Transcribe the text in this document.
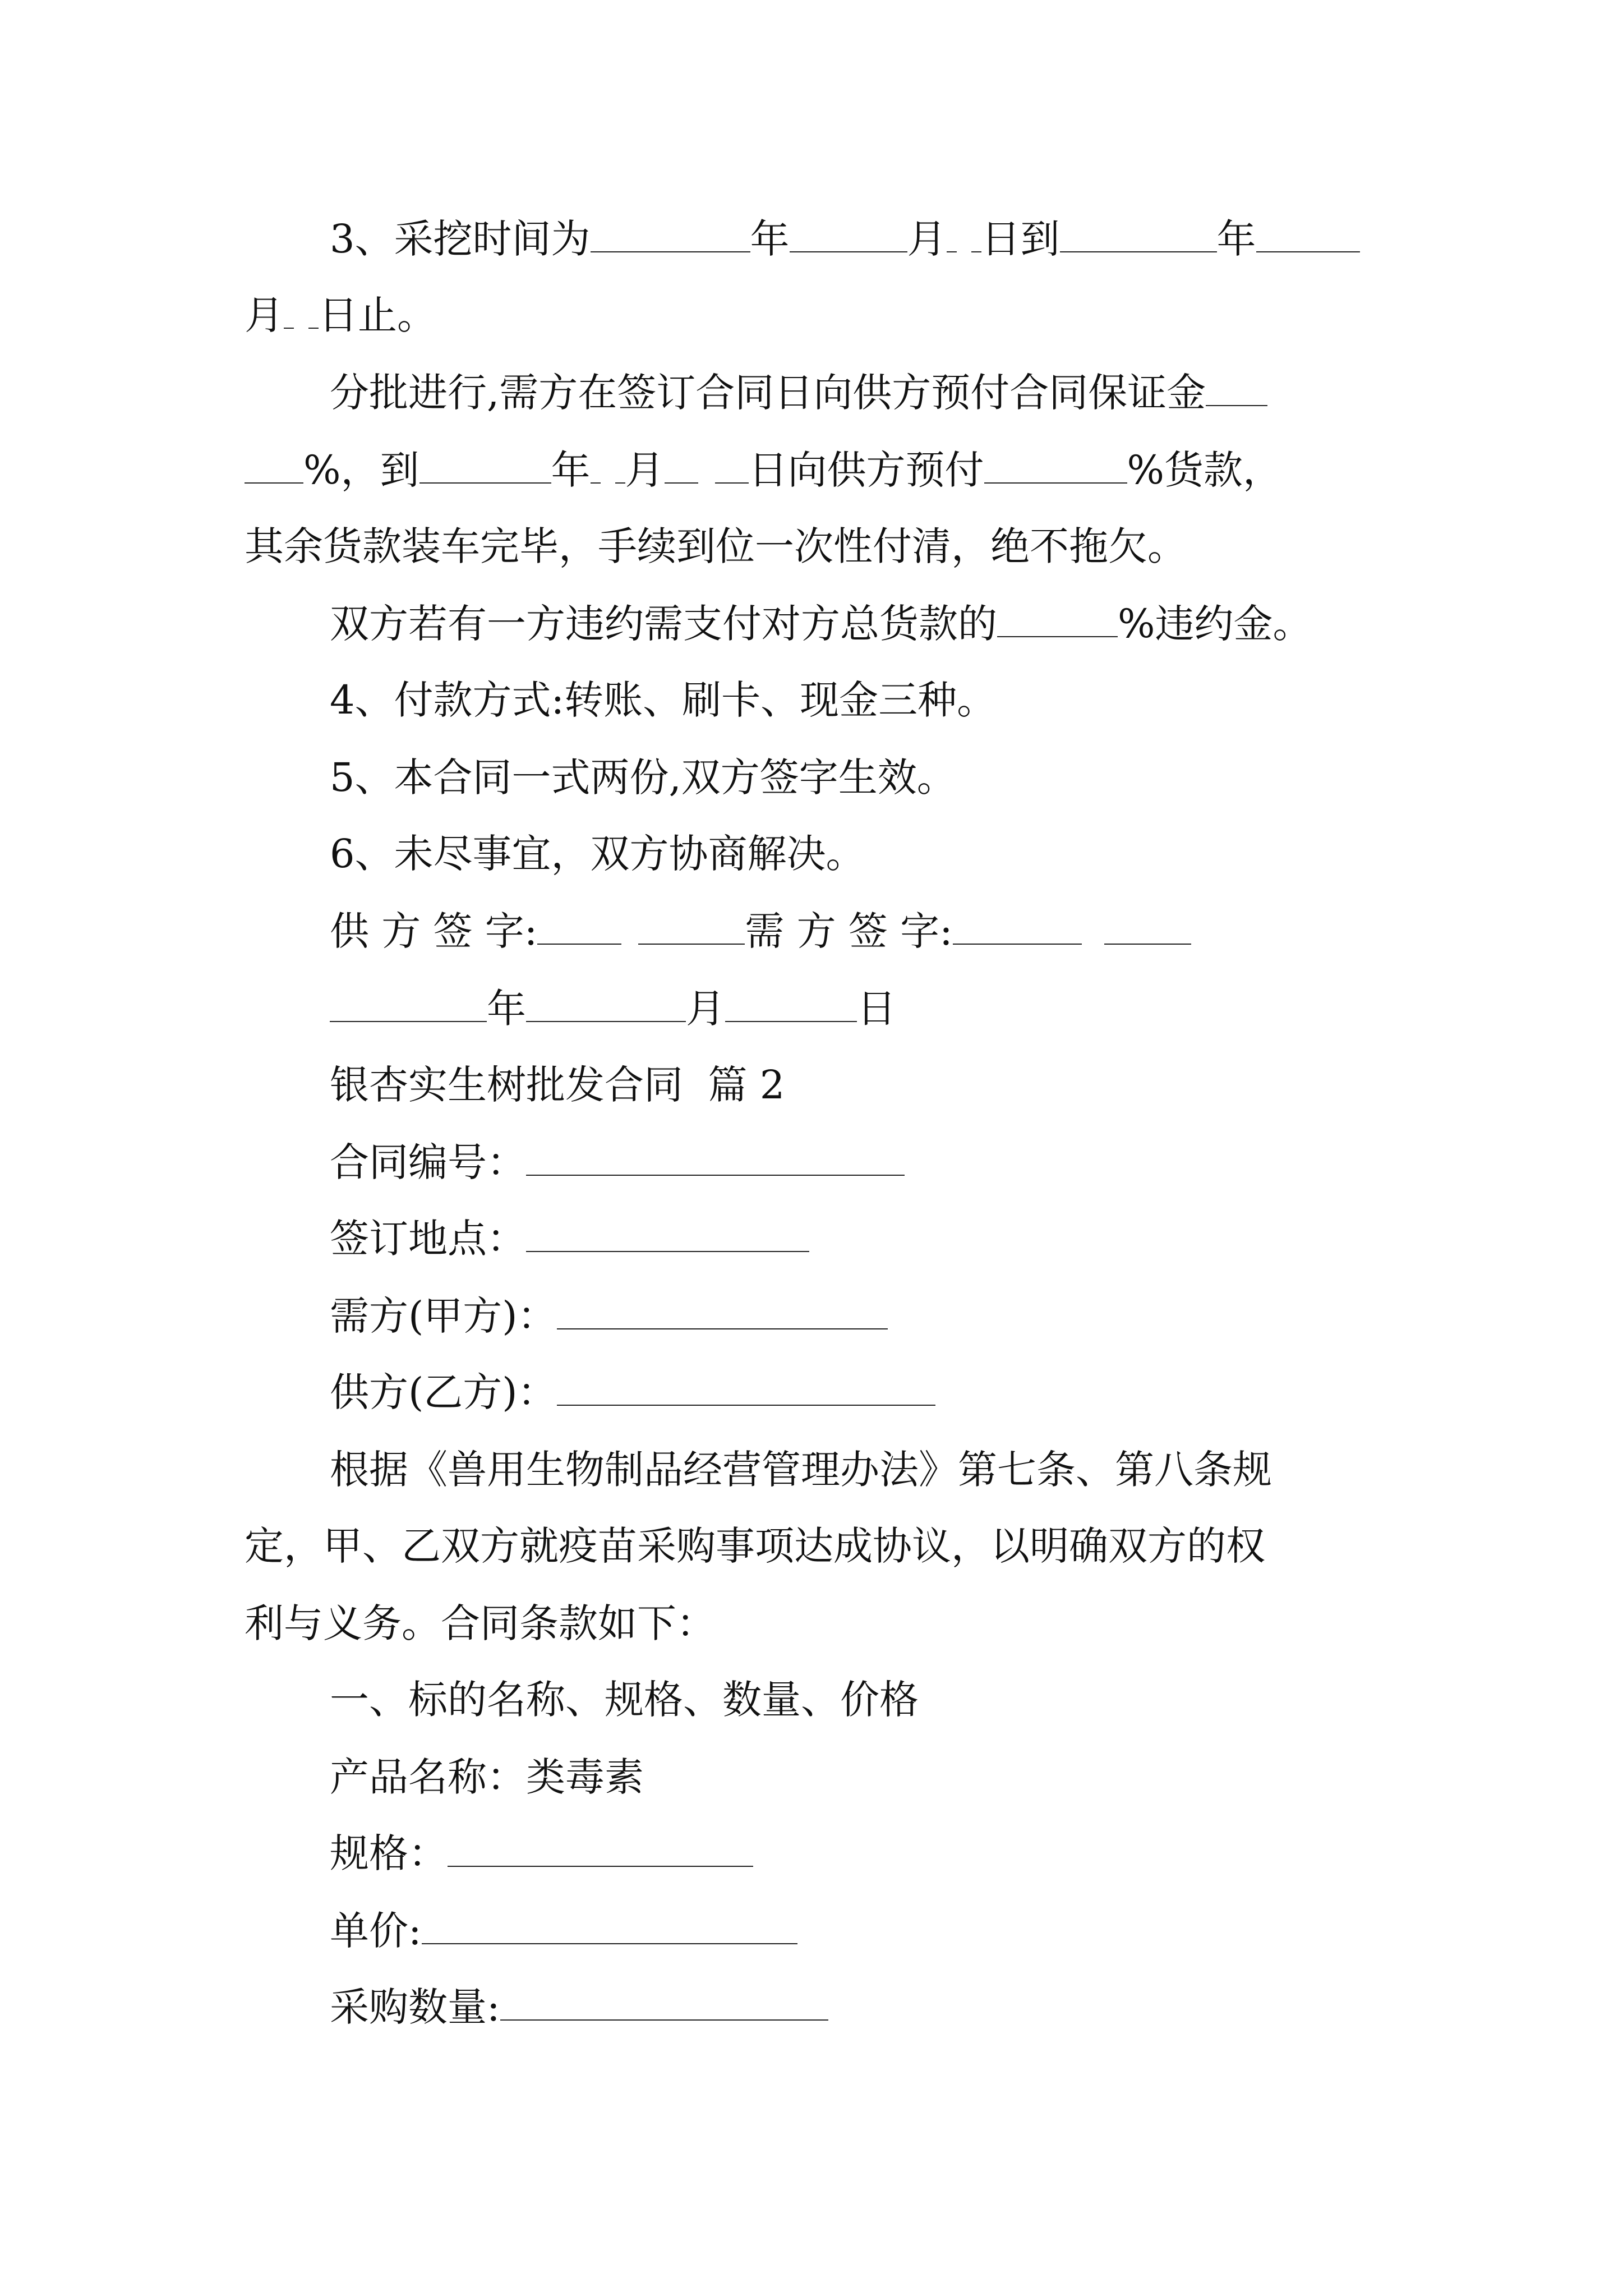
3、采挖时间为	年	月 日到	年

月 日止。

分批进行,需方在签订合同日向供方预付合同保证金

%，到	年 月 日向供方预付	%货款，

其余货款装车完毕，手续到位一次性付清，绝不拖欠。

双方若有一方违约需支付对方总货款的	%违约金。

4、付款方式:转账、刷卡、现金三种。

5、本合同一式两份,双方签字生效。

6、未尽事宜，双方协商解决。

供 方 签 字:	需 方 签 字:

年	月	日

银杏实生树批发合同  篇 2

合同编号：

签订地点：

需方(甲方)：

供方(乙方)：

根据《兽用生物制品经营管理办法》第七条、第八条规

定，甲、乙双方就疫苗采购事项达成协议，以明确双方的权

利与义务。合同条款如下：

一、标的名称、规格、数量、价格

产品名称：类毒素

规格：

单价:

采购数量:
